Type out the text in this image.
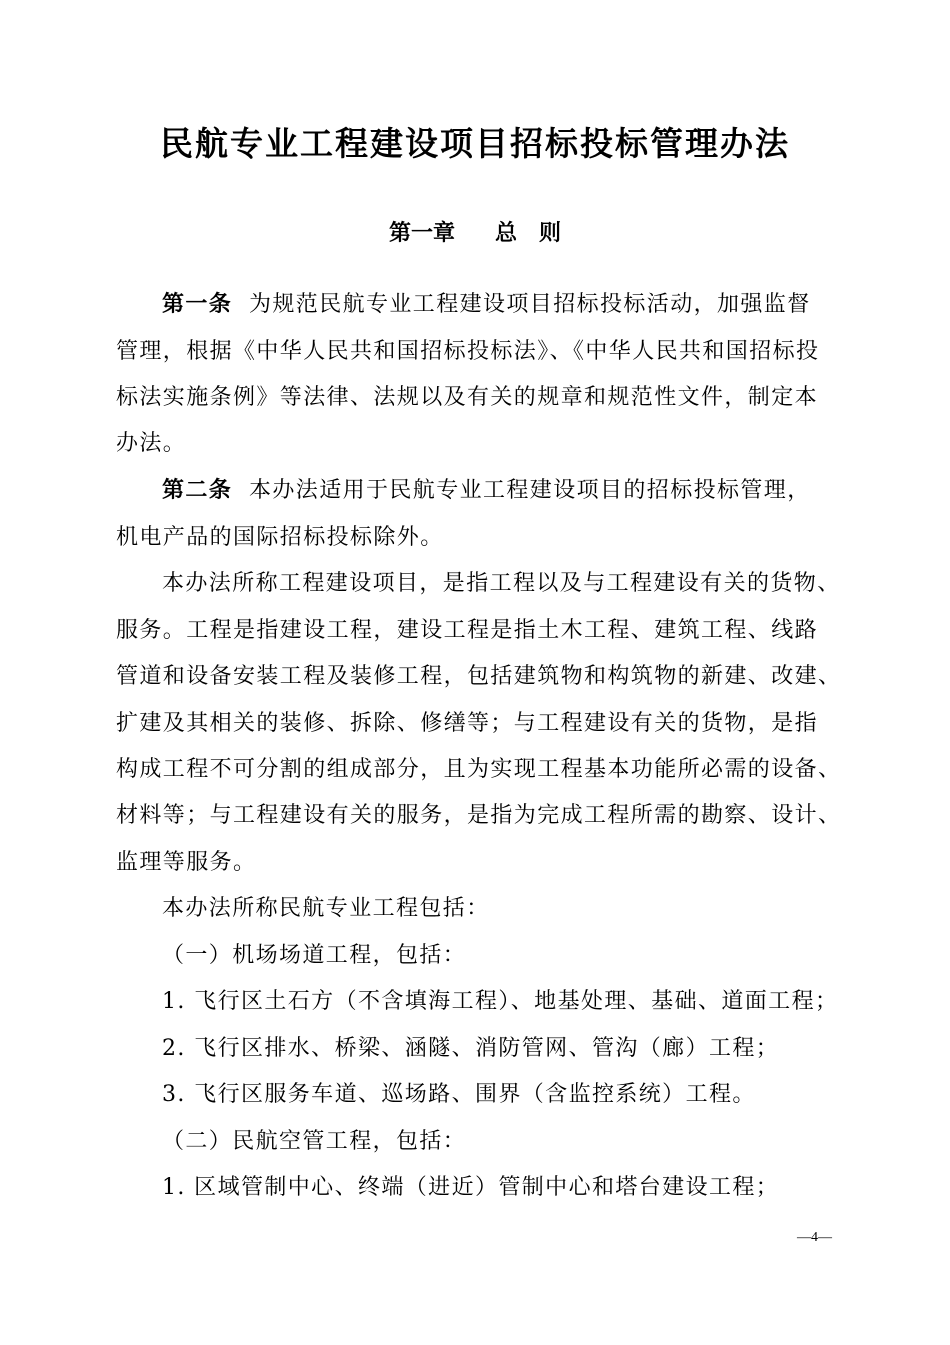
民航专业工程建设项目招标投标管理办法
第一章 总 则
第一条 为规范民航专业工程建设项目招标投标活动，加强监督
管理，根据《中华人民共和国招标投标法》、《中华人民共和国招标投
标法实施条例》等法律、法规以及有关的规章和规范性文件，制定本
办法。
第二条 本办法适用于民航专业工程建设项目的招标投标管理，
机电产品的国际招标投标除外。
本办法所称工程建设项目，是指工程以及与工程建设有关的货物、
服务。工程是指建设工程，建设工程是指土木工程、建筑工程、线路
管道和设备安装工程及装修工程，包括建筑物和构筑物的新建、改建、
扩建及其相关的装修、拆除、修缮等；与工程建设有关的货物，是指
构成工程不可分割的组成部分，且为实现工程基本功能所必需的设备、
材料等；与工程建设有关的服务，是指为完成工程所需的勘察、设计、
监理等服务。
本办法所称民航专业工程包括：
（一）机场场道工程，包括：
1. 飞行区土石方（不含填海工程）、地基处理、基础、道面工程；
2. 飞行区排水、桥梁、涵隧、消防管网、管沟（廊）工程；
3. 飞行区服务车道、巡场路、围界（含监控系统）工程。
（二）民航空管工程，包括：
1. 区域管制中心、终端（进近）管制中心和塔台建设工程；
—4—
